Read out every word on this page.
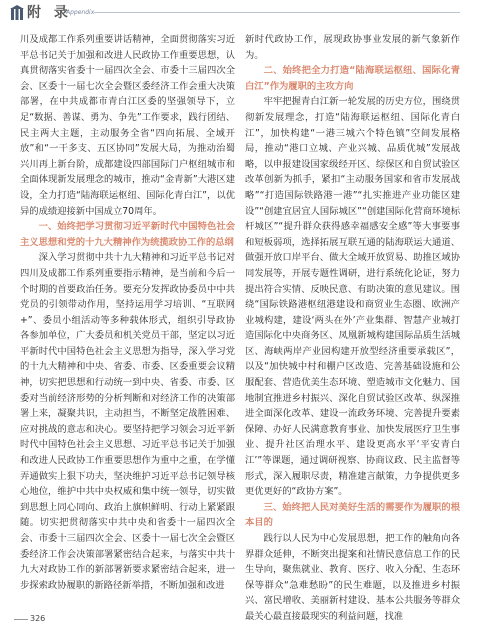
附 录
Appendix

川及成都工作系列重要讲话精神，全面贯彻落实习近平总书记关于加强和改进人民政协工作重要思想，认真贯彻落实省委十一届四次全会、市委十三届四次全会、区委十一届七次全会暨区委经济工作会重大决策部署，在中共成都市青白江区委的坚强领导下，立足“数据、善谋、勇为、争先”工作要求，践行团结、民主两大主题，主动服务全省“四向拓展、全域开放”和“一干多支、五区协同”发展大局，为推动治蜀兴川再上新台阶，成都建设四部国际门户枢纽城市和全面体现新发展理念的城市，推动“金青新”大港区建设，全力打造“陆海联运枢纽、国际化青白江”，以优异的成绩迎接新中国成立70周年。

一、始终把学习贯彻习近平新时代中国特色社会主义思想和党的十九大精神作为统揽政协工作的总纲

深入学习贯彻中共十九大精神和习近平总书记对四川及成都工作系列重要指示精神，是当前和今后一个时期的首要政治任务。要充分发挥政协委员中中共党员的引领带动作用，坚持运用学习培训、“互联网+”、委员小组活动等多种载体形式，组织引导政协各参加单位，广大委员和机关党员干部，坚定以习近平新时代中国特色社会主义思想为指导，深入学习党的十九大精神和中央、省委、市委、区委重要会议精神，切实把思想和行动统一到中央、省委、市委、区委对当前经济形势的分析判断和对经济工作的决策部署上来，凝聚共识，主动担当，不断坚定战胜困难、应对挑战的意志和决心。要坚持把学习领会习近平新时代中国特色社会主义思想、习近平总书记关于加强和改进人民政协工作重要思想作为重中之重，在学懂弄通做实上狠下功夫，坚决维护习近平总书记领导核心地位，维护中共中央权威和集中统一领导，切实做到思想上同心同向、政治上旗帜鲜明、行动上紧紧跟随。切实把贯彻落实中共中央和省委十一届四次全会、市委十三届四次全会、区委十一届七次全会暨区委经济工作会决策部署紧密结合起来，与落实中共十九大对政协工作的新部署新要求紧密结合起来，进一步探索政协履职的新路径新举措，不断加强和改进

新时代政协工作，展现政协事业发展的新气象新作为。

二、始终把全力打造“陆海联运枢纽、国际化青白江”作为履职的主攻方向

牢牢把握青白江新一轮发展的历史方位，围绕贯彻新发展理念，打造“陆海联运枢纽、国际化青白江”，加快构建“一港三城六个特色镇”空间发展格局，推动“港口立城、产业兴城、品质优城”发展战略，以申报建设国家级经开区、综保区和自贸试验区改革创新为抓手，紧扣“主动服务国家和省市发展战略”“打造国际铁路港一港”“扎实推进产业功能区建设”“创建宜居宜人国际城区”“创建国际化营商环境标杆城区”“提升群众获得感幸福感安全感”等大事要事和短板弱项，选择拓展互联互通的陆海联运大通道、做强开放口岸平台、做大全域开放贸易、助推区域协同发展等，开展专题性调研，进行系统化论证，努力提出符合实情、反映民意、有助决策的意见建议。围绕“国际铁路港枢纽港建设和商贸业生态圈、欧洲产业城构建，建设‘两头在外’产业集群、智慧产业城打造国际化中央商务区、凤凰新城构建国际品质生活城区、海峡两岸产业园构建开放型经济重要承载区”，以及“加快城中村和棚户区改造、完善基础设施和公服配套、营造优美生态环境、塑造城市文化魅力、国地制宜推进乡村振兴、深化自贸试验区改革、纵深推进全面深化改革、建设一流政务环境、完善提升要素保障、办好人民满意教育事业、加快发展医疗卫生事业、提升社区治理水平、建设更高水平‘平安青白江’”等课题，通过调研视察、协商议政、民主监督等形式，深入履职尽责，精准建言献策，力争提供更多更优更好的“政协方案”。

三、始终把人民对美好生活的需要作为履职的根本目的

践行以人民为中心发展思想，把工作的触角向各界群众延伸，不断突出提案和社情民意信息工作的民生导向，聚焦就业、教育、医疗、收入分配、生态环保等群众“急难愁盼”的民生难题，以及推进乡村振兴、富民增收、美丽新村建设、基本公共服务等群众最关心最直接最现实的利益问题，找准

326
